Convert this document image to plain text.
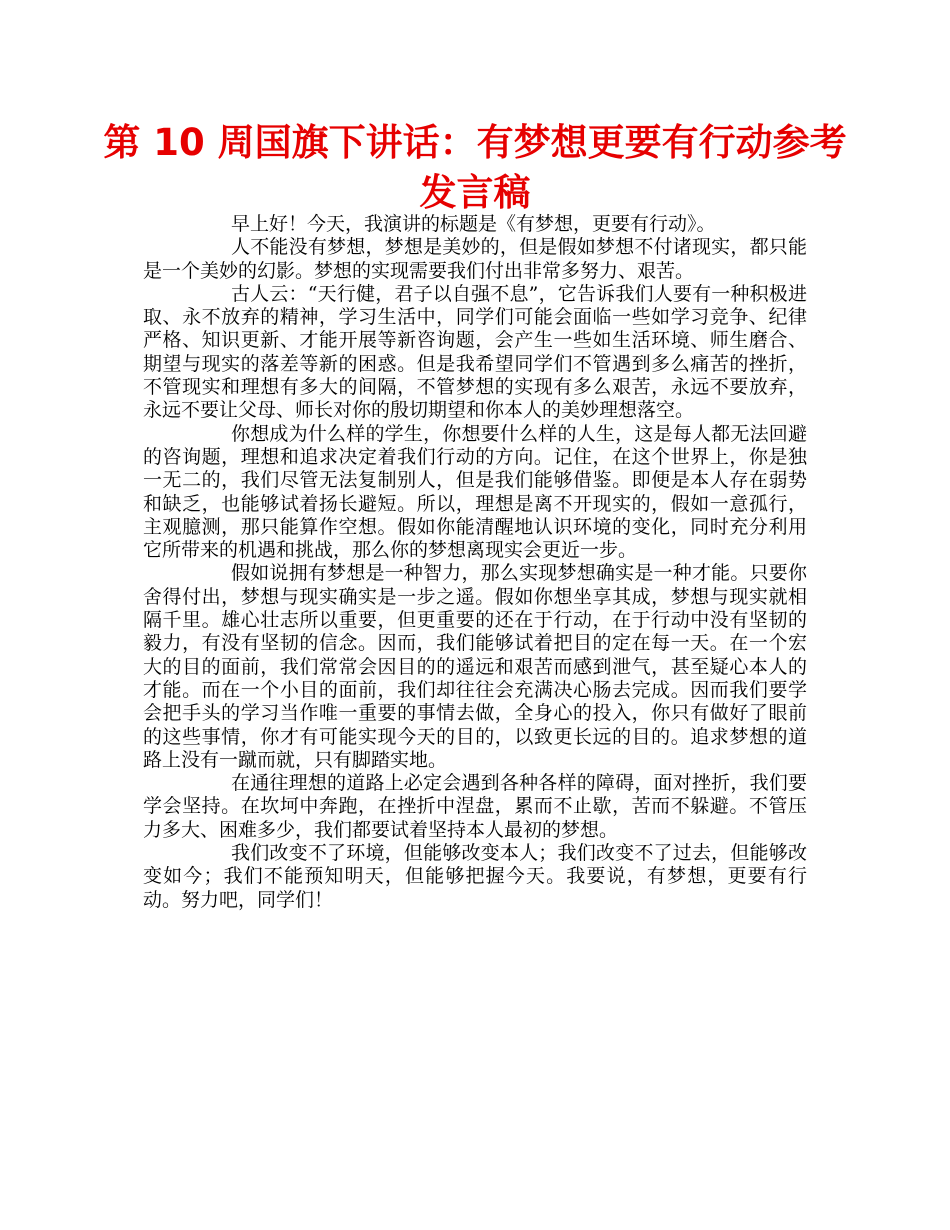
第 10 周国旗下讲话：有梦想更要有行动参考发言稿

早上好！今天，我演讲的标题是《有梦想，更要有行动》。

人不能没有梦想，梦想是美妙的，但是假如梦想不付诸现实，都只能是一个美妙的幻影。梦想的实现需要我们付出非常多努力、艰苦。

古人云：“天行健，君子以自强不息”，它告诉我们人要有一种积极进取、永不放弃的精神，学习生活中，同学们可能会面临一些如学习竞争、纪律严格、知识更新、才能开展等新咨询题，会产生一些如生活环境、师生磨合、期望与现实的落差等新的困惑。但是我希望同学们不管遇到多么痛苦的挫折，不管现实和理想有多大的间隔，不管梦想的实现有多么艰苦，永远不要放弃，永远不要让父母、师长对你的殷切期望和你本人的美妙理想落空。

你想成为什么样的学生，你想要什么样的人生，这是每人都无法回避的咨询题，理想和追求决定着我们行动的方向。记住，在这个世界上，你是独一无二的，我们尽管无法复制别人，但是我们能够借鉴。即便是本人存在弱势和缺乏，也能够试着扬长避短。所以，理想是离不开现实的，假如一意孤行，主观臆测，那只能算作空想。假如你能清醒地认识环境的变化，同时充分利用它所带来的机遇和挑战，那么你的梦想离现实会更近一步。

假如说拥有梦想是一种智力，那么实现梦想确实是一种才能。只要你舍得付出，梦想与现实确实是一步之遥。假如你想坐享其成，梦想与现实就相隔千里。雄心壮志所以重要，但更重要的还在于行动，在于行动中没有坚韧的毅力，有没有坚韧的信念。因而，我们能够试着把目的定在每一天。在一个宏大的目的面前，我们常常会因目的的遥远和艰苦而感到泄气，甚至疑心本人的才能。而在一个小目的面前，我们却往往会充满决心肠去完成。因而我们要学会把手头的学习当作唯一重要的事情去做，全身心的投入，你只有做好了眼前的这些事情，你才有可能实现今天的目的，以致更长远的目的。追求梦想的道路上没有一蹴而就，只有脚踏实地。

在通往理想的道路上必定会遇到各种各样的障碍，面对挫折，我们要学会坚持。在坎坷中奔跑，在挫折中涅盘，累而不止歇，苦而不躲避。不管压力多大、困难多少，我们都要试着坚持本人最初的梦想。

我们改变不了环境，但能够改变本人；我们改变不了过去，但能够改变如今；我们不能预知明天，但能够把握今天。我要说，有梦想，更要有行动。努力吧，同学们！
